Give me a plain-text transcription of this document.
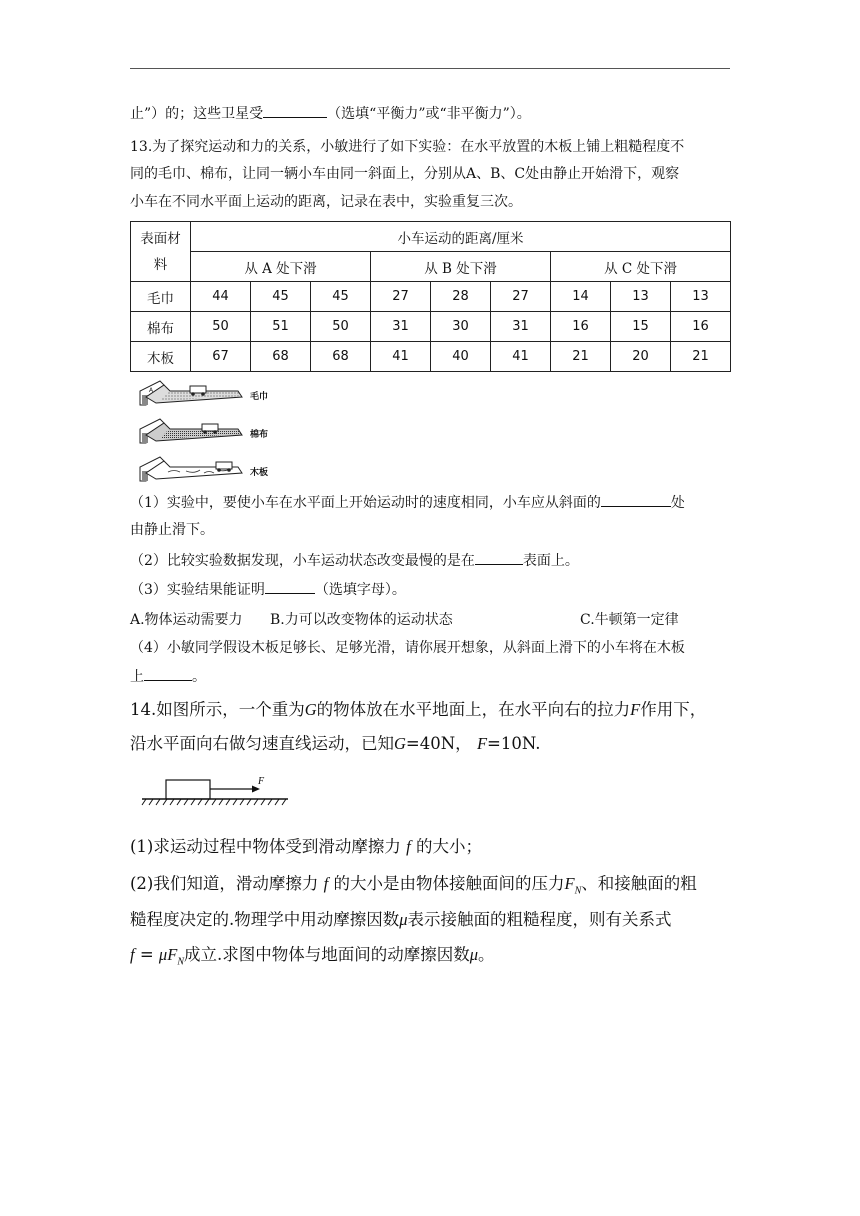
止”）的；这些卫星受	（选填“平衡力”或“非平衡力”）。
13.为了探究运动和力的关系，小敏进行了如下实验：在水平放置的木板上铺上粗糙程度不
同的毛巾、棉布，让同一辆小车由同一斜面上，分别从A、B、C处由静止开始滑下，观察
小车在不同水平面上运动的距离，记录在表中，实验重复三次。
表面材料	小车运动的距离/厘米								
	从 A 处下滑			从 B 处下滑			从 C 处下滑		
毛巾	44	45	45	27	28	27	14	13	13
棉布	50	51	50	31	30	31	16	15	16
木板	67	68	68	41	40	41	21	20	21
A
毛巾
棉布
木板
（1）实验中，要使小车在水平面上开始运动时的速度相同，小车应从斜面的	处
由静止滑下。
（2）比较实验数据发现，小车运动状态改变最慢的是在	表面上。
（3）实验结果能证明	（选填字母）。
A.物体运动需要力 B.力可以改变物体的运动状态	C.牛顿第一定律
（4）小敏同学假设木板足够长、足够光滑，请你展开想象，从斜面上滑下的小车将在木板
上	。
14.如图所示，一个重为G的物体放在水平地面上，在水平向右的拉力F作用下，
沿水平面向右做匀速直线运动，已知G=40N， F=10N.
F
(1)求运动过程中物体受到滑动摩擦力 f 的大小；
(2)我们知道，滑动摩擦力 f 的大小是由物体接触面间的压力$F_N$、和接触面的粗
糙程度决定的.物理学中用动摩擦因数μ表示接触面的粗糙程度，则有关系式
$f = \mu F_N$成立.求图中物体与地面间的动摩擦因数μ。
